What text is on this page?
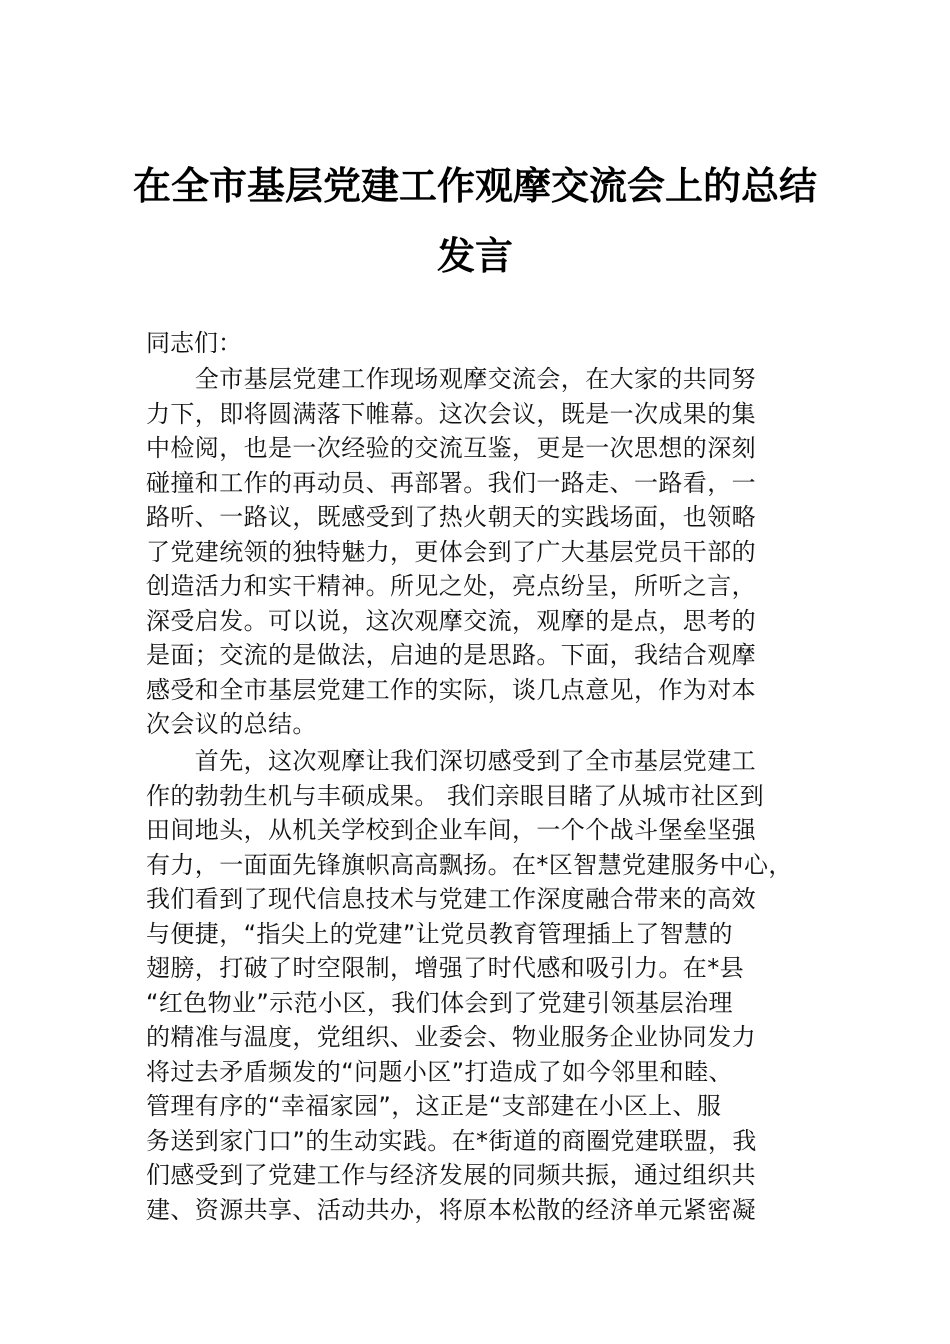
在全市基层党建工作观摩交流会上的总结
发言
同志们：
　　全市基层党建工作现场观摩交流会，在大家的共同努
力下，即将圆满落下帷幕。这次会议，既是一次成果的集
中检阅，也是一次经验的交流互鉴，更是一次思想的深刻
碰撞和工作的再动员、再部署。我们一路走、一路看，一
路听、一路议，既感受到了热火朝天的实践场面，也领略
了党建统领的独特魅力，更体会到了广大基层党员干部的
创造活力和实干精神。所见之处，亮点纷呈，所听之言，
深受启发。可以说，这次观摩交流，观摩的是点，思考的
是面；交流的是做法，启迪的是思路。下面，我结合观摩
感受和全市基层党建工作的实际，谈几点意见，作为对本
次会议的总结。
　　首先，这次观摩让我们深切感受到了全市基层党建工
作的勃勃生机与丰硕成果。 我们亲眼目睹了从城市社区到
田间地头，从机关学校到企业车间，一个个战斗堡垒坚强
有力，一面面先锋旗帜高高飘扬。在*区智慧党建服务中心，
我们看到了现代信息技术与党建工作深度融合带来的高效
与便捷，“指尖上的党建”让党员教育管理插上了智慧的
翅膀，打破了时空限制，增强了时代感和吸引力。在*县
“红色物业”示范小区，我们体会到了党建引领基层治理
的精准与温度，党组织、业委会、物业服务企业协同发力
将过去矛盾频发的“问题小区”打造成了如今邻里和睦、
管理有序的“幸福家园”，这正是“支部建在小区上、服
务送到家门口”的生动实践。在*街道的商圈党建联盟，我
们感受到了党建工作与经济发展的同频共振，通过组织共
建、资源共享、活动共办，将原本松散的经济单元紧密凝
